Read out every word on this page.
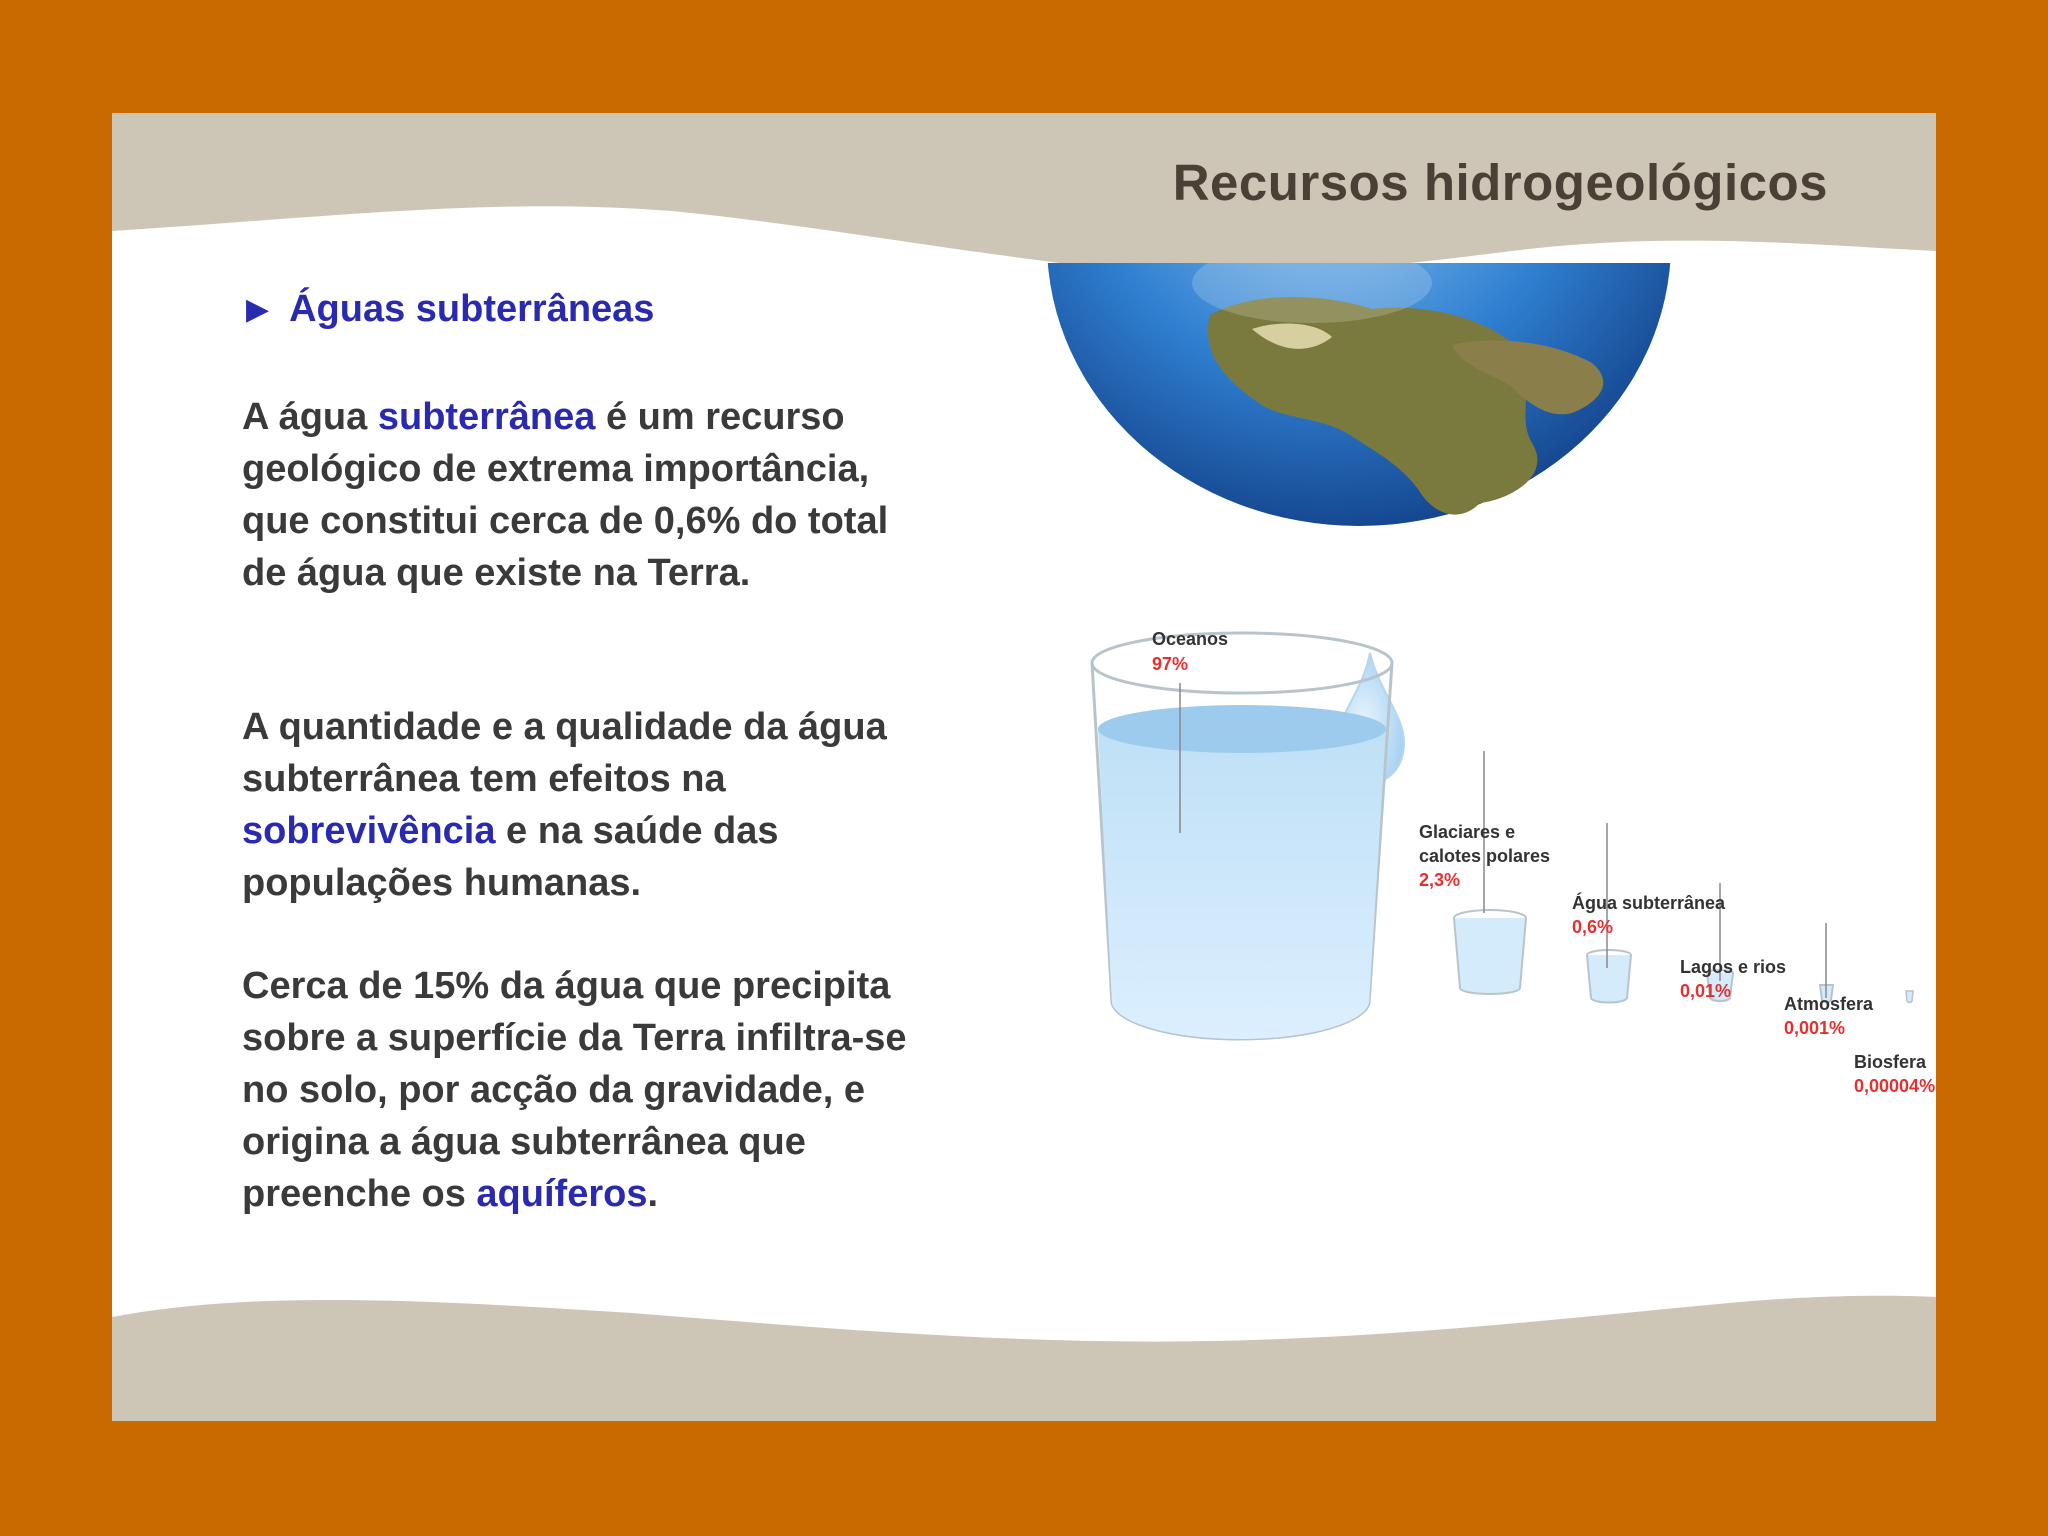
Recursos hidrogeológicos
▶ Águas subterrâneas
A água subterrânea é um recurso geológico de extrema importância, que constitui cerca de 0,6% do total de água que existe na Terra.
A quantidade e a qualidade da água subterrânea tem efeitos na sobrevivência e na saúde das populações humanas.
Cerca de 15% da água que precipita sobre a superfície da Terra infiltra-se no solo, por acção da gravidade, e origina a água subterrânea que preenche os aquíferos.
Oceanos
97%
Glaciares e
calotes polares
2,3%
Água subterrânea
0,6%
Lagos e rios
0,01%
Atmosfera
0,001%
Biosfera
0,00004%
